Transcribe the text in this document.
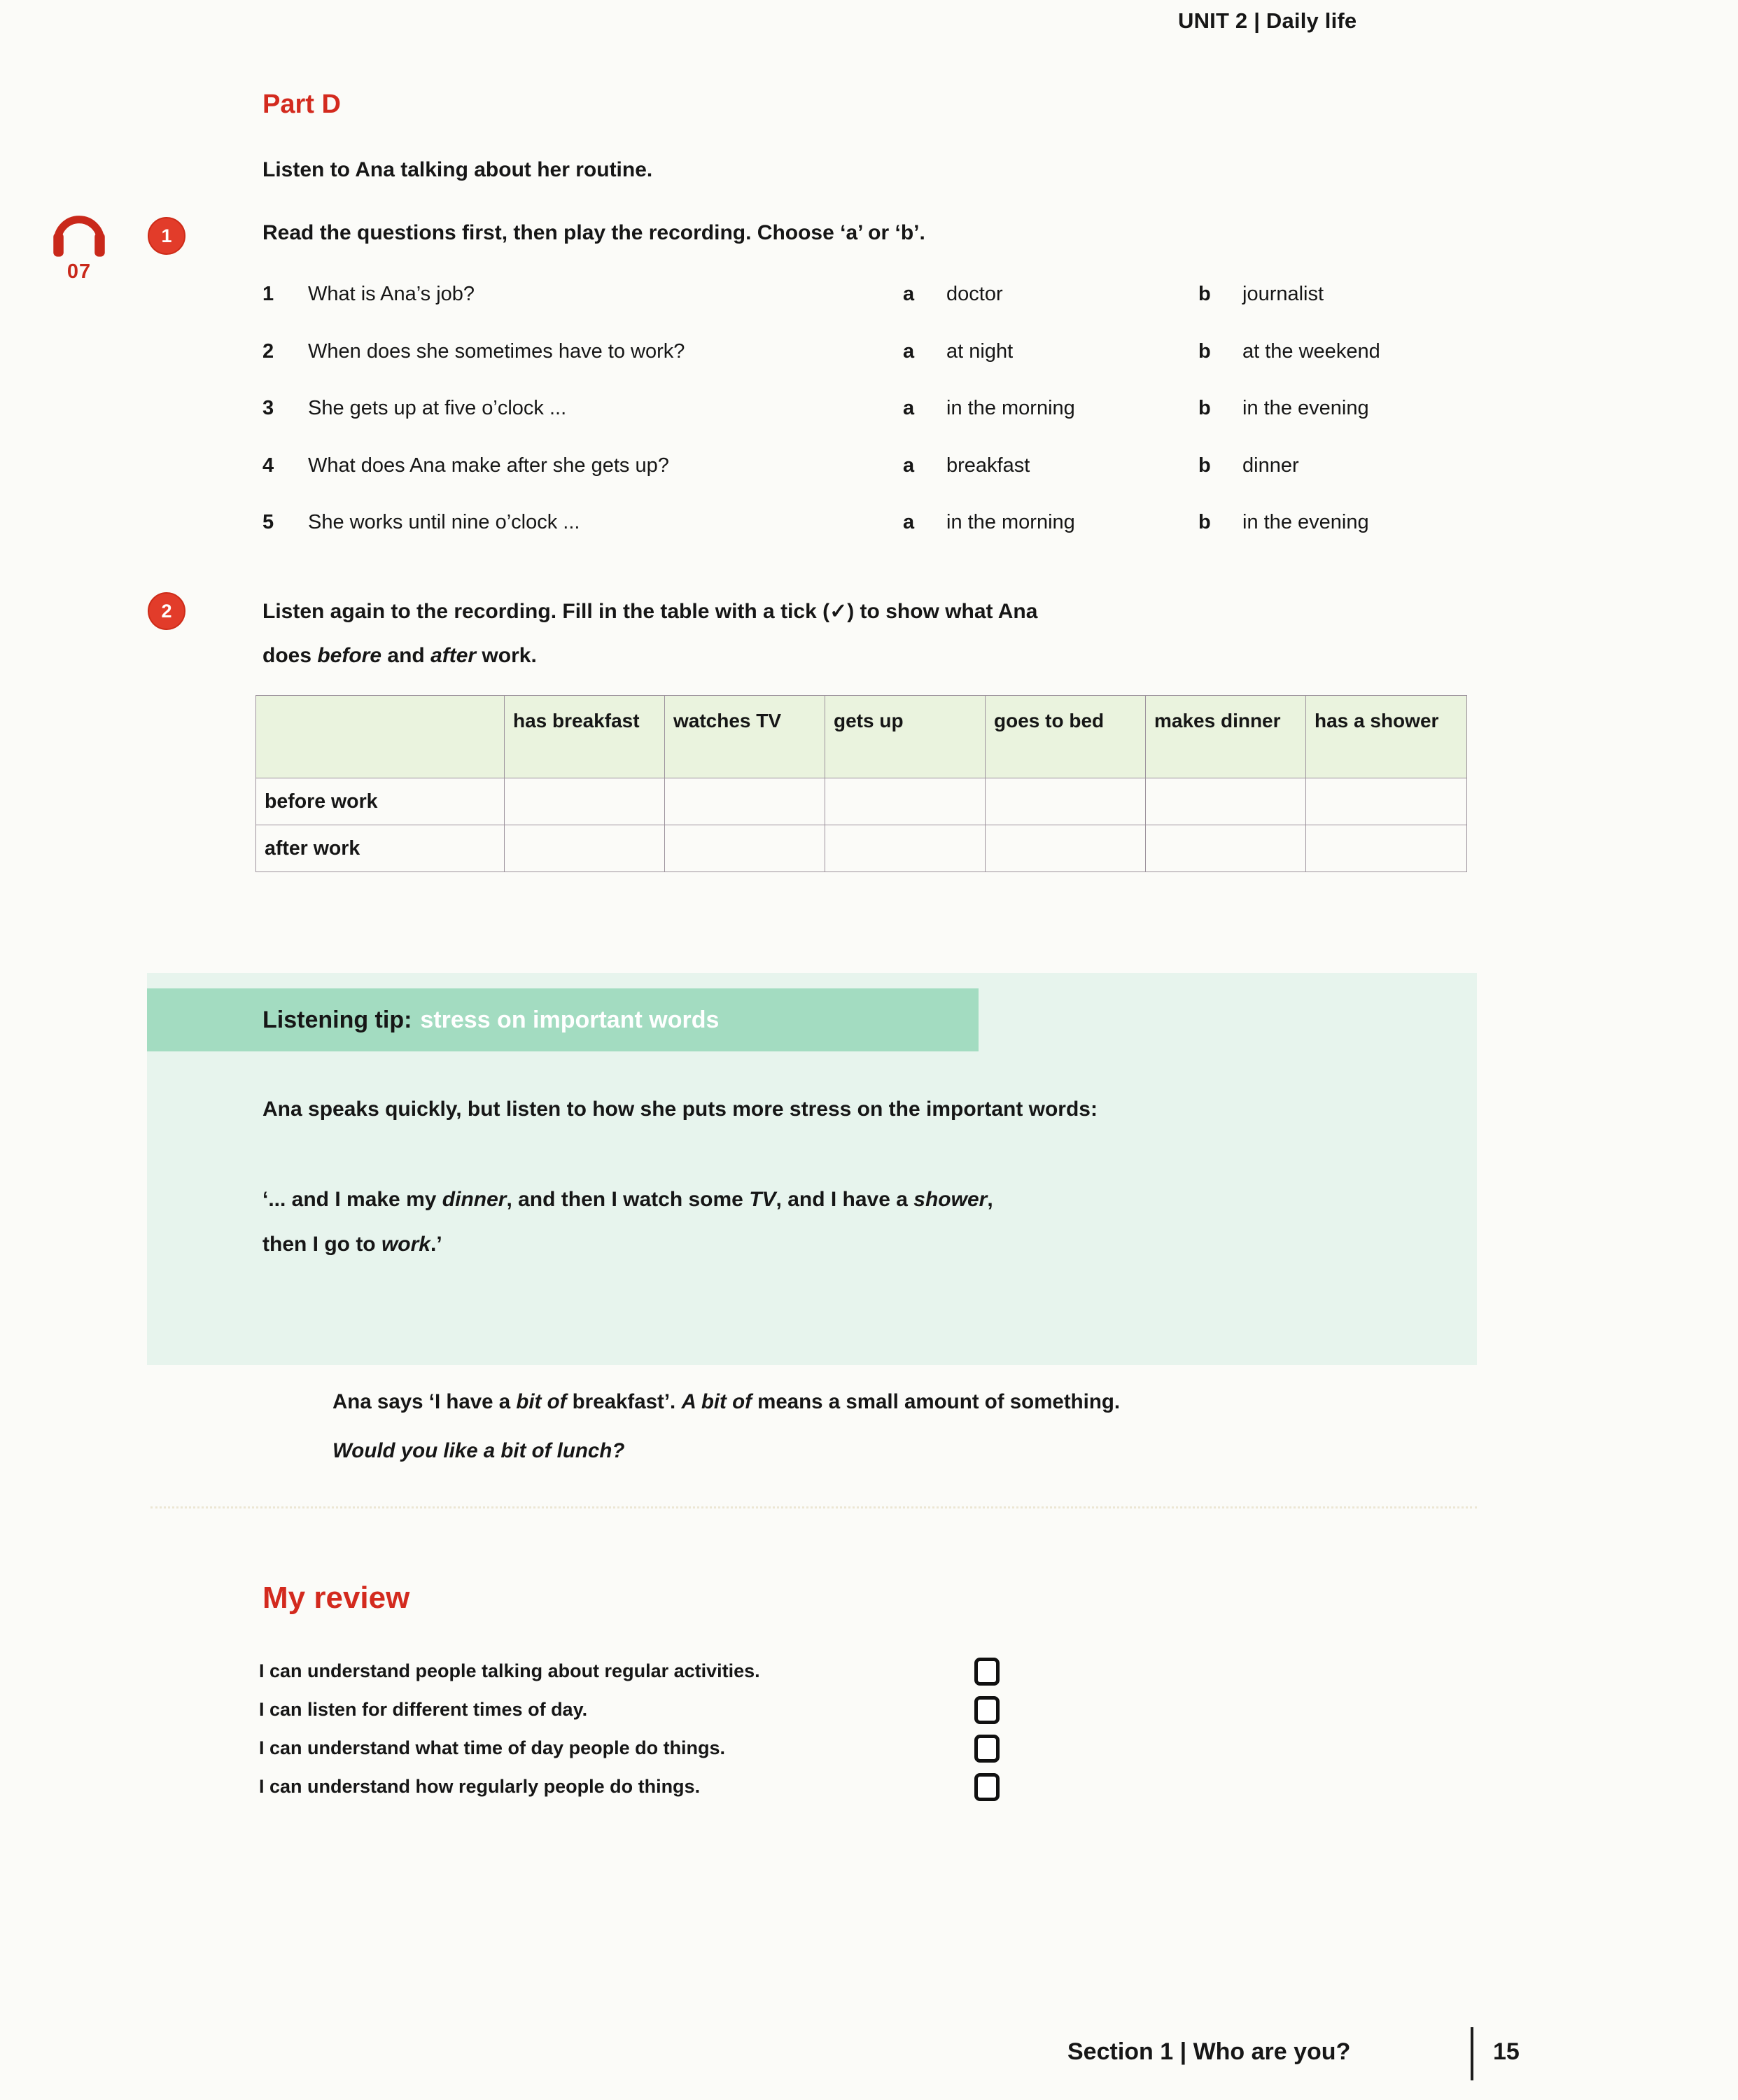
UNIT 2 | Daily life
Part D
Listen to Ana talking about her routine.
07
1	Read the questions first, then play the recording. Choose ‘a’ or ‘b’.
1 What is Ana’s job?	a doctor	b journalist
2 When does she sometimes have to work?	a at night	b at the weekend
3 She gets up at five o’clock ...	a in the morning	b in the evening
4 What does Ana make after she gets up?	a breakfast	b dinner
5 She works until nine o’clock ...	a in the morning	b in the evening
2	Listen again to the recording. Fill in the table with a tick (✓) to show what Ana
does before and after work.
	has breakfast	watches TV	gets up	goes to bed	makes dinner	has a shower
before work						
after work						
Listening tip: stress on important words
Ana speaks quickly, but listen to how she puts more stress on the important words:
‘... and I make my dinner, and then I watch some TV, and I have a shower,
then I go to work.’
Ana says ‘I have a bit of breakfast’. A bit of means a small amount of something.
Would you like a bit of lunch?
My review
I can understand people talking about regular activities.
I can listen for different times of day.
I can understand what time of day people do things.
I can understand how regularly people do things.
Section 1 | Who are you?	15
